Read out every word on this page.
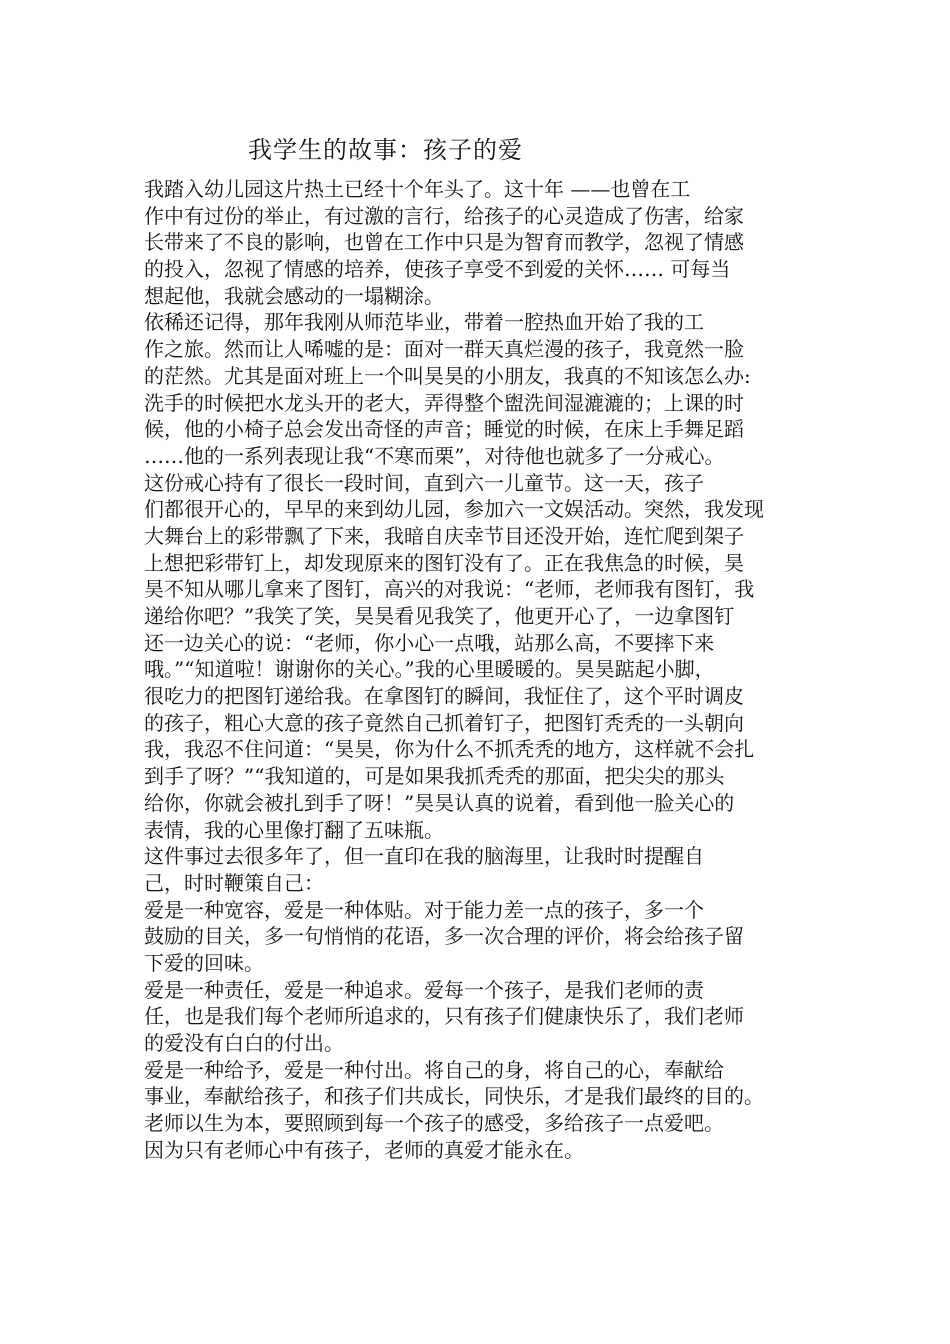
我学生的故事：孩子的爱
我踏入幼儿园这片热土已经十个年头了。这十年 ——也曾在工
作中有过份的举止，有过激的言行，给孩子的心灵造成了伤害，给家
长带来了不良的影响，也曾在工作中只是为智育而教学，忽视了情感
的投入，忽视了情感的培养，使孩子享受不到爱的关怀…… 可每当
想起他，我就会感动的一塌糊涂。
依稀还记得，那年我刚从师范毕业，带着一腔热血开始了我的工
作之旅。然而让人唏嘘的是：面对一群天真烂漫的孩子，我竟然一脸
的茫然。尤其是面对班上一个叫昊昊的小朋友，我真的不知该怎么办:
洗手的时候把水龙头开的老大，弄得整个盥洗间湿漉漉的；上课的时
候，他的小椅子总会发出奇怪的声音；睡觉的时候，在床上手舞足蹈
……他的一系列表现让我“不寒而栗”，对待他也就多了一分戒心。
这份戒心持有了很长一段时间，直到六一儿童节。这一天，孩子
们都很开心的，早早的来到幼儿园，参加六一文娱活动。突然，我发现
大舞台上的彩带飘了下来，我暗自庆幸节目还没开始，连忙爬到架子
上想把彩带钉上，却发现原来的图钉没有了。正在我焦急的时候，昊
昊不知从哪儿拿来了图钉，高兴的对我说：“老师，老师我有图钉，我
递给你吧？”我笑了笑，昊昊看见我笑了，他更开心了，一边拿图钉
还一边关心的说：“老师，你小心一点哦，站那么高，不要摔下来
哦。”“知道啦！谢谢你的关心。”我的心里暖暖的。昊昊踮起小脚，
很吃力的把图钉递给我。在拿图钉的瞬间，我怔住了，这个平时调皮
的孩子，粗心大意的孩子竟然自己抓着钉子，把图钉秃秃的一头朝向
我，我忍不住问道：“昊昊，你为什么不抓秃秃的地方，这样就不会扎
到手了呀？”“我知道的，可是如果我抓秃秃的那面，把尖尖的那头
给你，你就会被扎到手了呀！”昊昊认真的说着，看到他一脸关心的
表情，我的心里像打翻了五味瓶。
这件事过去很多年了，但一直印在我的脑海里，让我时时提醒自
己，时时鞭策自己：
爱是一种宽容，爱是一种体贴。对于能力差一点的孩子，多一个
鼓励的目关，多一句悄悄的花语，多一次合理的评价，将会给孩子留
下爱的回味。
爱是一种责任，爱是一种追求。爱每一个孩子，是我们老师的责
任，也是我们每个老师所追求的，只有孩子们健康快乐了，我们老师
的爱没有白白的付出。
爱是一种给予，爱是一种付出。将自己的身，将自己的心，奉献给
事业，奉献给孩子，和孩子们共成长，同快乐，才是我们最终的目的。
老师以生为本，要照顾到每一个孩子的感受，多给孩子一点爱吧。
因为只有老师心中有孩子，老师的真爱才能永在。
